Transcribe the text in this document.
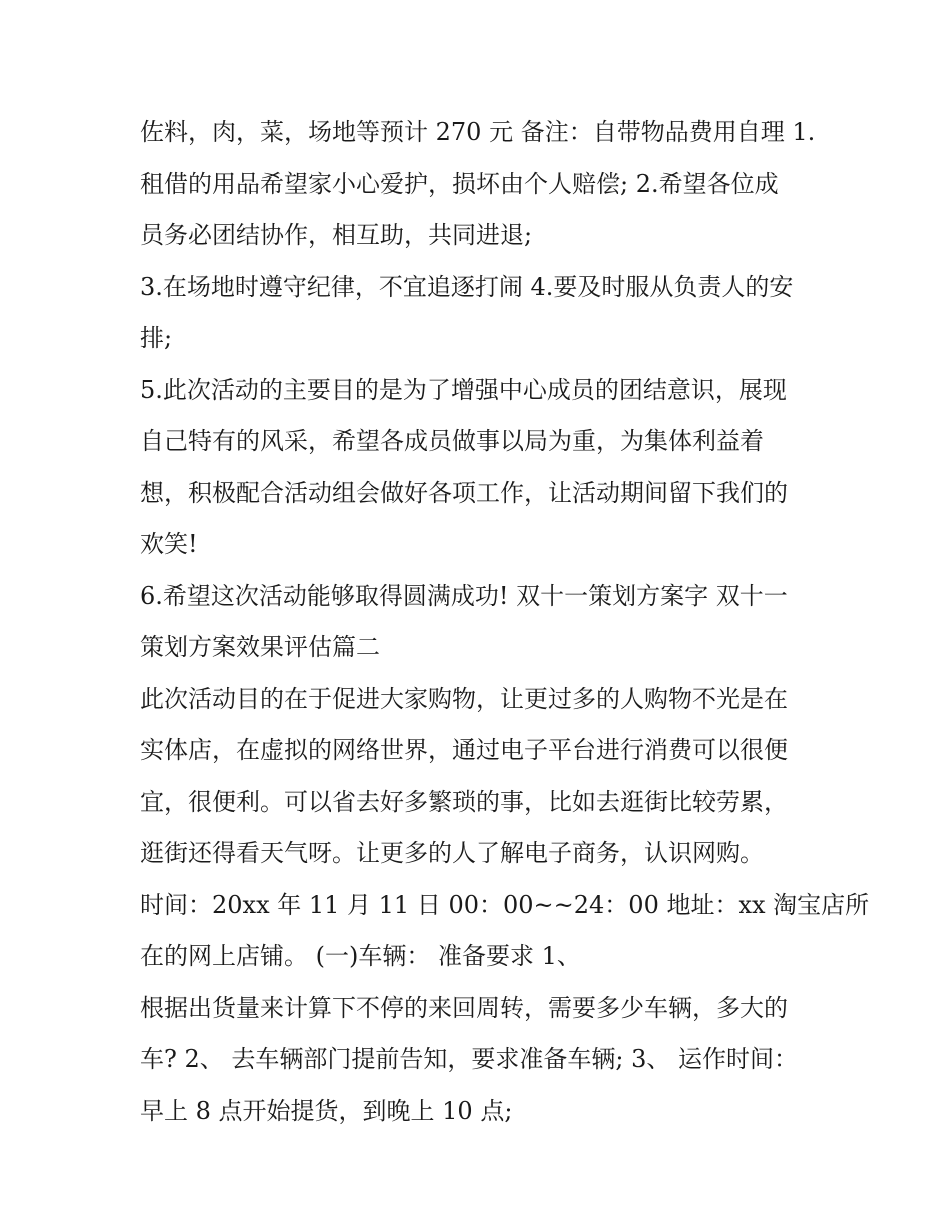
佐料，肉，菜，场地等预计 270 元 备注：自带物品费用自理 1.
租借的用品希望家小心爱护，损坏由个人赔偿; 2.希望各位成
员务必团结协作，相互助，共同进退;
3.在场地时遵守纪律，不宜追逐打闹 4.要及时服从负责人的安
排;
5.此次活动的主要目的是为了增强中心成员的团结意识，展现
自己特有的风采，希望各成员做事以局为重，为集体利益着
想，积极配合活动组会做好各项工作，让活动期间留下我们的
欢笑!
6.希望这次活动能够取得圆满成功! 双十一策划方案字 双十一
策划方案效果评估篇二
此次活动目的在于促进大家购物，让更过多的人购物不光是在
实体店，在虚拟的网络世界，通过电子平台进行消费可以很便
宜，很便利。可以省去好多繁琐的事，比如去逛街比较劳累，
逛街还得看天气呀。让更多的人了解电子商务，认识网购。
时间：20xx 年 11 月 11 日 00：00~~24：00 地址：xx 淘宝店所
在的网上店铺。 (一)车辆： 准备要求 1、
根据出货量来计算下不停的来回周转，需要多少车辆，多大的
车? 2、 去车辆部门提前告知，要求准备车辆; 3、 运作时间：
早上 8 点开始提货，到晚上 10 点;
